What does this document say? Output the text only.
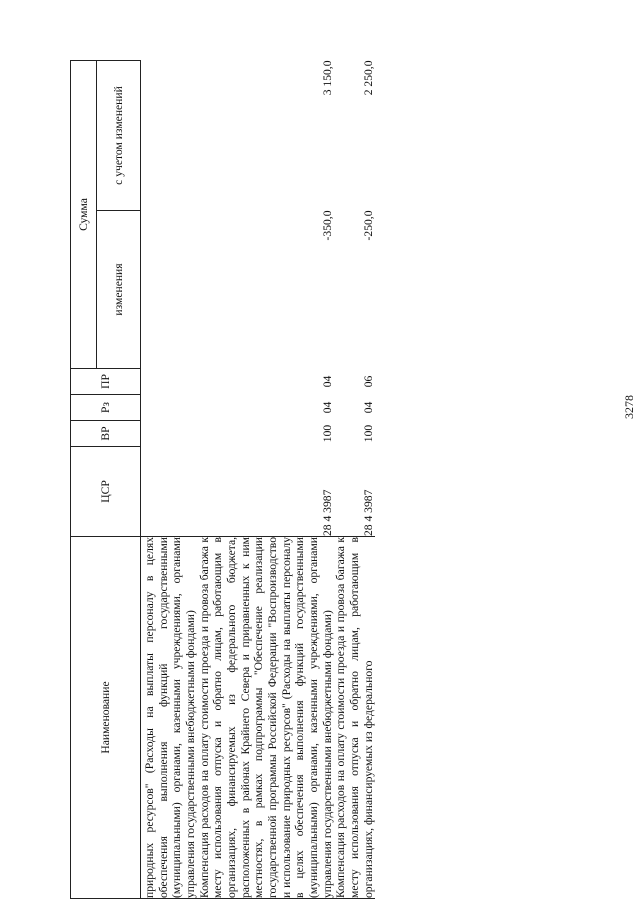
3278
Наименование	ЦСР	ВР	Рз	ПР	Сумма	
					изменения	с учетом изменений
природных ресурсов" (Расходы на выплаты персоналу в целях обеспечения выполнения функций государственными (муниципальными) органами, казенными учреждениями, органами управления государственными внебюджетными фондами)						
Компенсация расходов на оплату стоимости проезда и провоза багажа к месту использования отпуска и обратно лицам, работающим в организациях, финансируемых из федерального бюджета, расположенных в районах Крайнего Севера и приравненных к ним местностях, в рамках подпрограммы "Обеспечение реализации государственной программы Российской Федерации "Воспроизводство и использование природных ресурсов" (Расходы на выплаты персоналу в целях обеспечения выполнения функций государственными (муниципальными) органами, казенными учреждениями, органами управления государственными внебюджетными фондами)	28 4 3987	100	04	04	-350,0	3 150,0
Компенсация расходов на оплату стоимости проезда и провоза багажа к месту использования отпуска и обратно лицам, работающим в организациях, финансируемых из федерального	28 4 3987	100	04	06	-250,0	2 250,0
